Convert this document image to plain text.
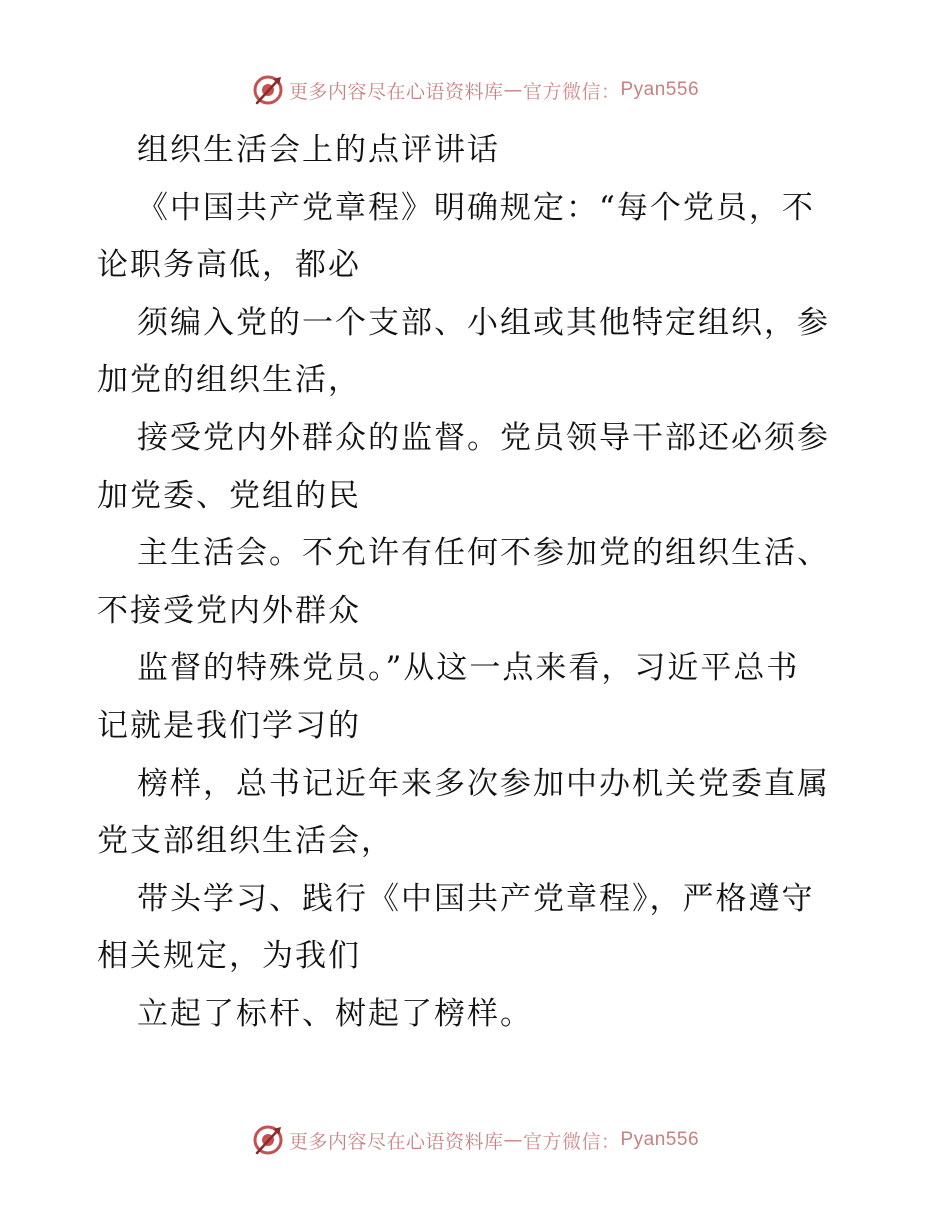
更多内容尽在心语资料库 — 官方微信： Pyan556
组织生活会上的点评讲话
《中国共产党章程》明确规定：“每个党员，不
论职务高低，都必
须编入党的一个支部、小组或其他特定组织，参
加党的组织生活，
接受党内外群众的监督。党员领导干部还必须参
加党委、党组的民
主生活会。不允许有任何不参加党的组织生活、
不接受党内外群众
监督的特殊党员。”从这一点来看，习近平总书
记就是我们学习的
榜样，总书记近年来多次参加中办机关党委直属
党支部组织生活会，
带头学习、践行《中国共产党章程》，严格遵守
相关规定，为我们
立起了标杆、树起了榜样。
更多内容尽在心语资料库 — 官方微信： Pyan556
